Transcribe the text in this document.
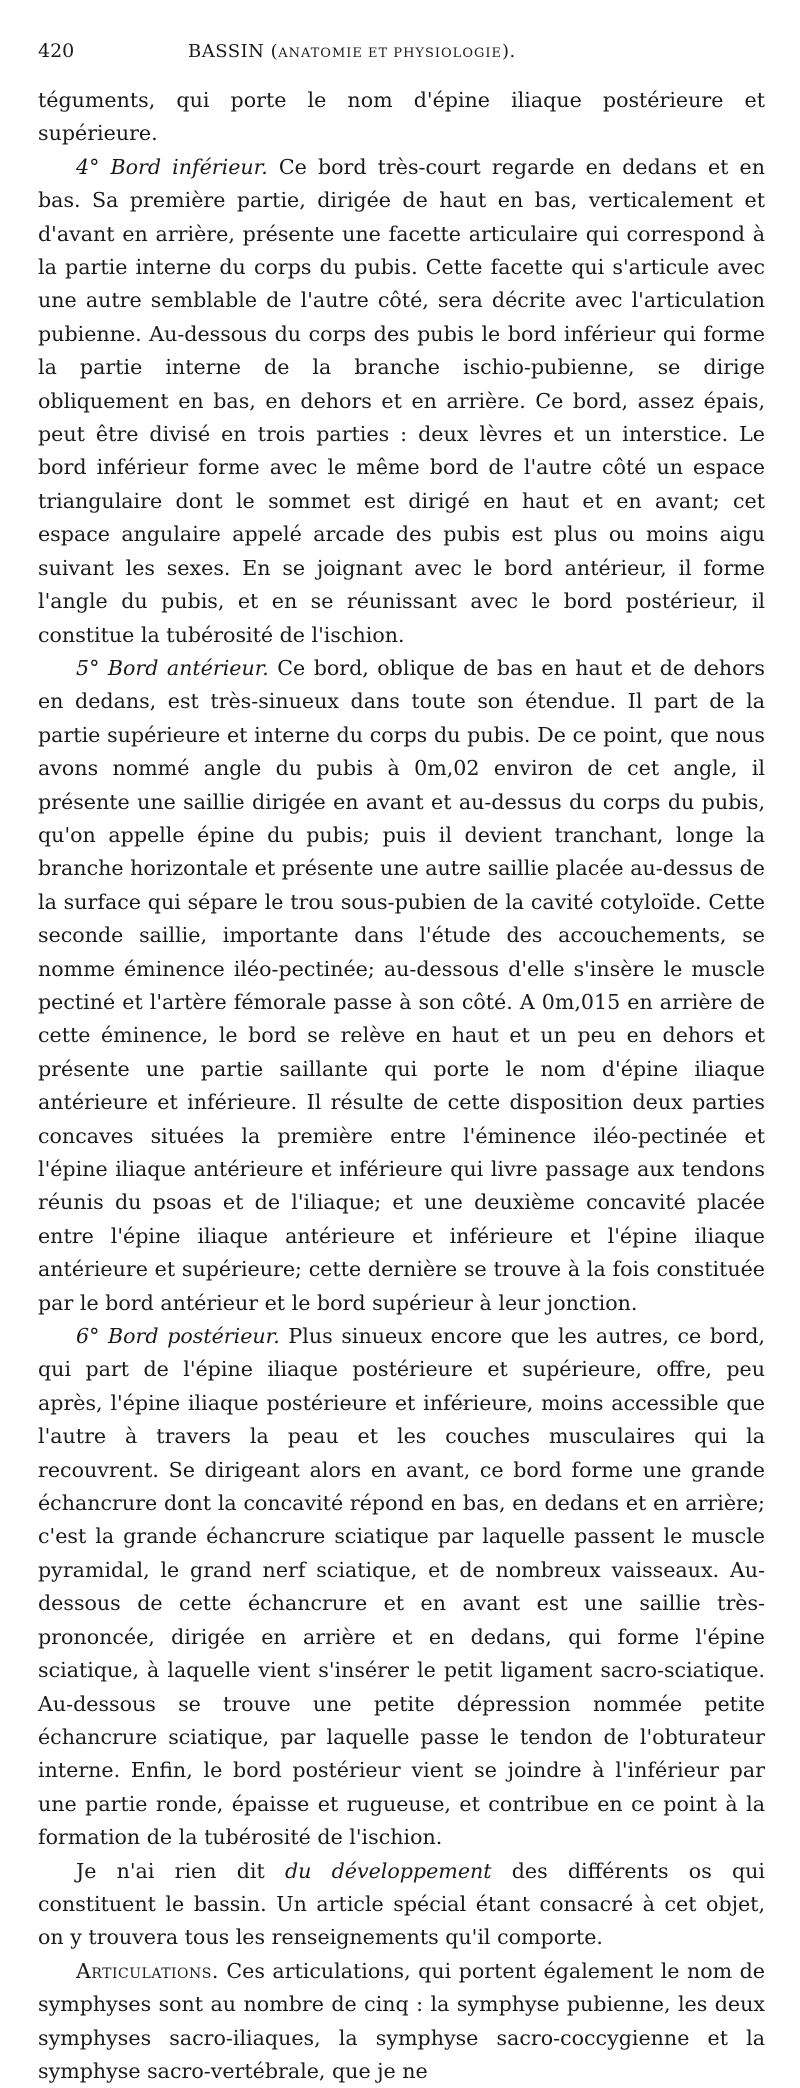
420	BASSIN (ANATOMIE ET PHYSIOLOGIE).

téguments, qui porte le nom d'épine iliaque postérieure et supérieure.

4° Bord inférieur. Ce bord très-court regarde en dedans et en bas. Sa première partie, dirigée de haut en bas, verticalement et d'avant en arrière, présente une facette articulaire qui correspond à la partie interne du corps du pubis. Cette facette qui s'articule avec une autre semblable de l'autre côté, sera décrite avec l'articulation pubienne. Au-dessous du corps des pubis le bord inférieur qui forme la partie interne de la branche ischio-pubienne, se dirige obliquement en bas, en dehors et en arrière. Ce bord, assez épais, peut être divisé en trois parties : deux lèvres et un interstice. Le bord inférieur forme avec le même bord de l'autre côté un espace triangulaire dont le sommet est dirigé en haut et en avant; cet espace angulaire appelé arcade des pubis est plus ou moins aigu suivant les sexes. En se joignant avec le bord antérieur, il forme l'angle du pubis, et en se réunissant avec le bord postérieur, il constitue la tubérosité de l'ischion.

5° Bord antérieur. Ce bord, oblique de bas en haut et de dehors en dedans, est très-sinueux dans toute son étendue. Il part de la partie supérieure et interne du corps du pubis. De ce point, que nous avons nommé angle du pubis à 0m,02 environ de cet angle, il présente une saillie dirigée en avant et au-dessus du corps du pubis, qu'on appelle épine du pubis; puis il devient tranchant, longe la branche horizontale et présente une autre saillie placée au-dessus de la surface qui sépare le trou sous-pubien de la cavité cotyloïde. Cette seconde saillie, importante dans l'étude des accouchements, se nomme éminence iléo-pectinée; au-dessous d'elle s'insère le muscle pectiné et l'artère fémorale passe à son côté. A 0m,015 en arrière de cette éminence, le bord se relève en haut et un peu en dehors et présente une partie saillante qui porte le nom d'épine iliaque antérieure et inférieure. Il résulte de cette disposition deux parties concaves situées la première entre l'éminence iléo-pectinée et l'épine iliaque antérieure et inférieure qui livre passage aux tendons réunis du psoas et de l'iliaque; et une deuxième concavité placée entre l'épine iliaque antérieure et inférieure et l'épine iliaque antérieure et supérieure; cette dernière se trouve à la fois constituée par le bord antérieur et le bord supérieur à leur jonction.

6° Bord postérieur. Plus sinueux encore que les autres, ce bord, qui part de l'épine iliaque postérieure et supérieure, offre, peu après, l'épine iliaque postérieure et inférieure, moins accessible que l'autre à travers la peau et les couches musculaires qui la recouvrent. Se dirigeant alors en avant, ce bord forme une grande échancrure dont la concavité répond en bas, en dedans et en arrière; c'est la grande échancrure sciatique par laquelle passent le muscle pyramidal, le grand nerf sciatique, et de nombreux vaisseaux. Au-dessous de cette échancrure et en avant est une saillie très-prononcée, dirigée en arrière et en dedans, qui forme l'épine sciatique, à laquelle vient s'insérer le petit ligament sacro-sciatique. Au-dessous se trouve une petite dépression nommée petite échancrure sciatique, par laquelle passe le tendon de l'obturateur interne. Enfin, le bord postérieur vient se joindre à l'inférieur par une partie ronde, épaisse et rugueuse, et contribue en ce point à la formation de la tubérosité de l'ischion.

Je n'ai rien dit du développement des différents os qui constituent le bassin. Un article spécial étant consacré à cet objet, on y trouvera tous les renseignements qu'il comporte.

Articulations. Ces articulations, qui portent également le nom de symphyses sont au nombre de cinq : la symphyse pubienne, les deux symphyses sacro-iliaques, la symphyse sacro-coccygienne et la symphyse sacro-vertébrale, que je ne
